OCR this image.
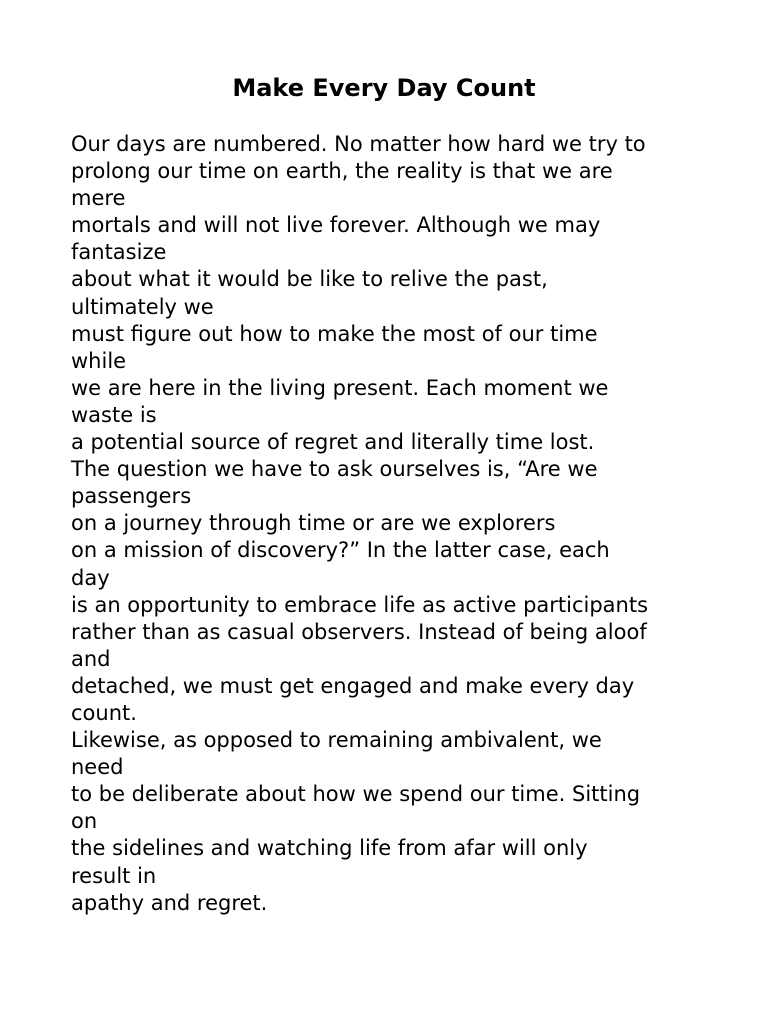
Make Every Day Count
Our days are numbered. No matter how hard we try to
prolong our time on earth, the reality is that we are
mere
mortals and will not live forever. Although we may
fantasize
about what it would be like to relive the past,
ultimately we
must figure out how to make the most of our time
while
we are here in the living present. Each moment we
waste is
a potential source of regret and literally time lost.
The question we have to ask ourselves is, “Are we
passengers
on a journey through time or are we explorers
on a mission of discovery?” In the latter case, each
day
is an opportunity to embrace life as active participants
rather than as casual observers. Instead of being aloof
and
detached, we must get engaged and make every day
count.
Likewise, as opposed to remaining ambivalent, we
need
to be deliberate about how we spend our time. Sitting
on
the sidelines and watching life from afar will only
result in
apathy and regret.
